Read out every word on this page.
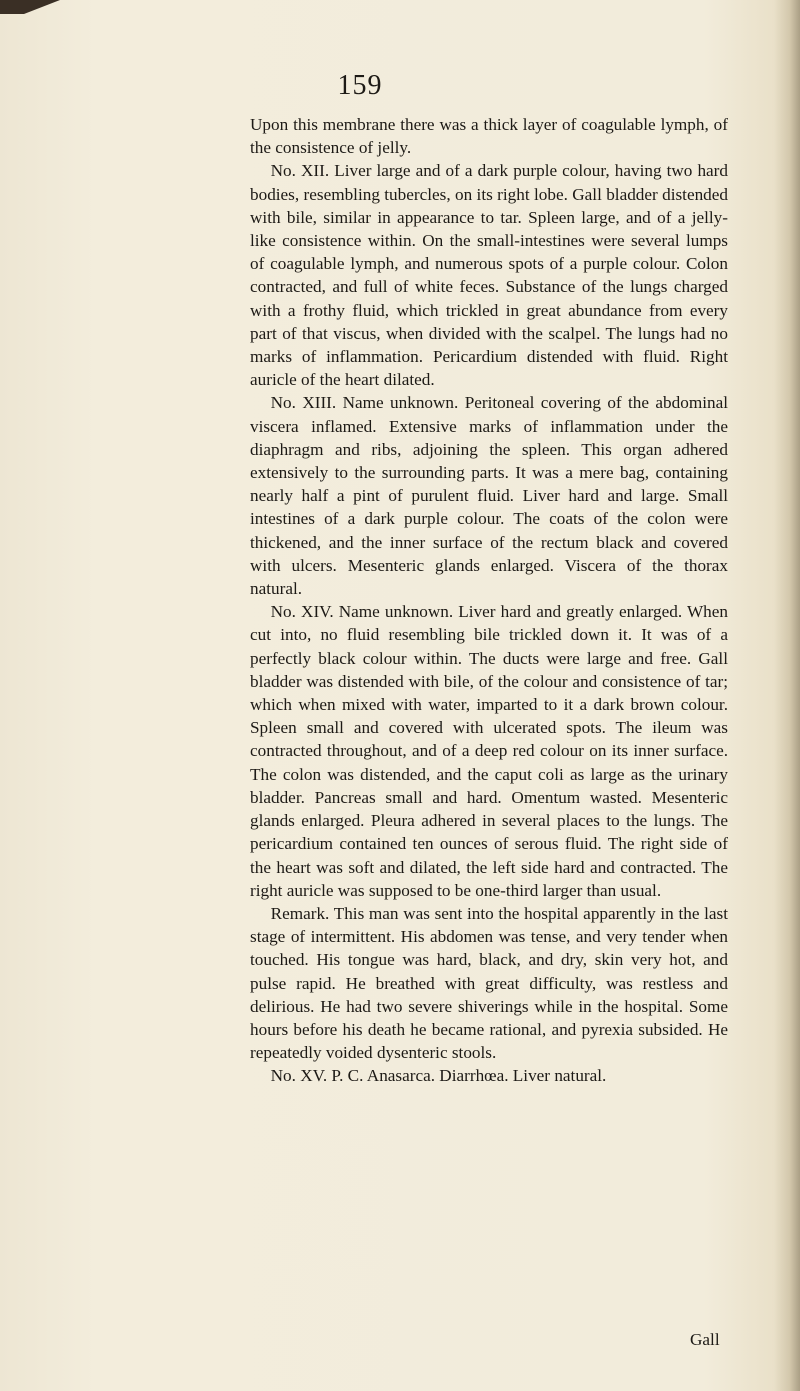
159

Upon this membrane there was a thick layer of coagulable lymph, of the consistence of jelly.

No. XII. Liver large and of a dark purple colour, having two hard bodies, resembling tubercles, on its right lobe. Gall bladder distended with bile, similar in appearance to tar. Spleen large, and of a jelly-like consistence within. On the small-intestines were several lumps of coagulable lymph, and numerous spots of a purple colour. Colon contracted, and full of white feces. Substance of the lungs charged with a frothy fluid, which trickled in great abundance from every part of that viscus, when divided with the scalpel. The lungs had no marks of inflammation. Pericardium distended with fluid. Right auricle of the heart dilated.

No. XIII. Name unknown. Peritoneal covering of the abdominal viscera inflamed. Extensive marks of inflammation under the diaphragm and ribs, adjoining the spleen. This organ adhered extensively to the surrounding parts. It was a mere bag, containing nearly half a pint of purulent fluid. Liver hard and large. Small intestines of a dark purple colour. The coats of the colon were thickened, and the inner surface of the rectum black and covered with ulcers. Mesenteric glands enlarged. Viscera of the thorax natural.

No. XIV. Name unknown. Liver hard and greatly enlarged. When cut into, no fluid resembling bile trickled down it. It was of a perfectly black colour within. The ducts were large and free. Gall bladder was distended with bile, of the colour and consistence of tar; which when mixed with water, imparted to it a dark brown colour. Spleen small and covered with ulcerated spots. The ileum was contracted throughout, and of a deep red colour on its inner surface. The colon was distended, and the caput coli as large as the urinary bladder. Pancreas small and hard. Omentum wasted. Mesenteric glands enlarged. Pleura adhered in several places to the lungs. The pericardium contained ten ounces of serous fluid. The right side of the heart was soft and dilated, the left side hard and contracted. The right auricle was supposed to be one-third larger than usual.

Remark. This man was sent into the hospital apparently in the last stage of intermittent. His abdomen was tense, and very tender when touched. His tongue was hard, black, and dry, skin very hot, and pulse rapid. He breathed with great difficulty, was restless and delirious. He had two severe shiverings while in the hospital. Some hours before his death he became rational, and pyrexia subsided. He repeatedly voided dysenteric stools.

No. XV. P. C. Anasarca. Diarrhœa. Liver natural.

Gall
